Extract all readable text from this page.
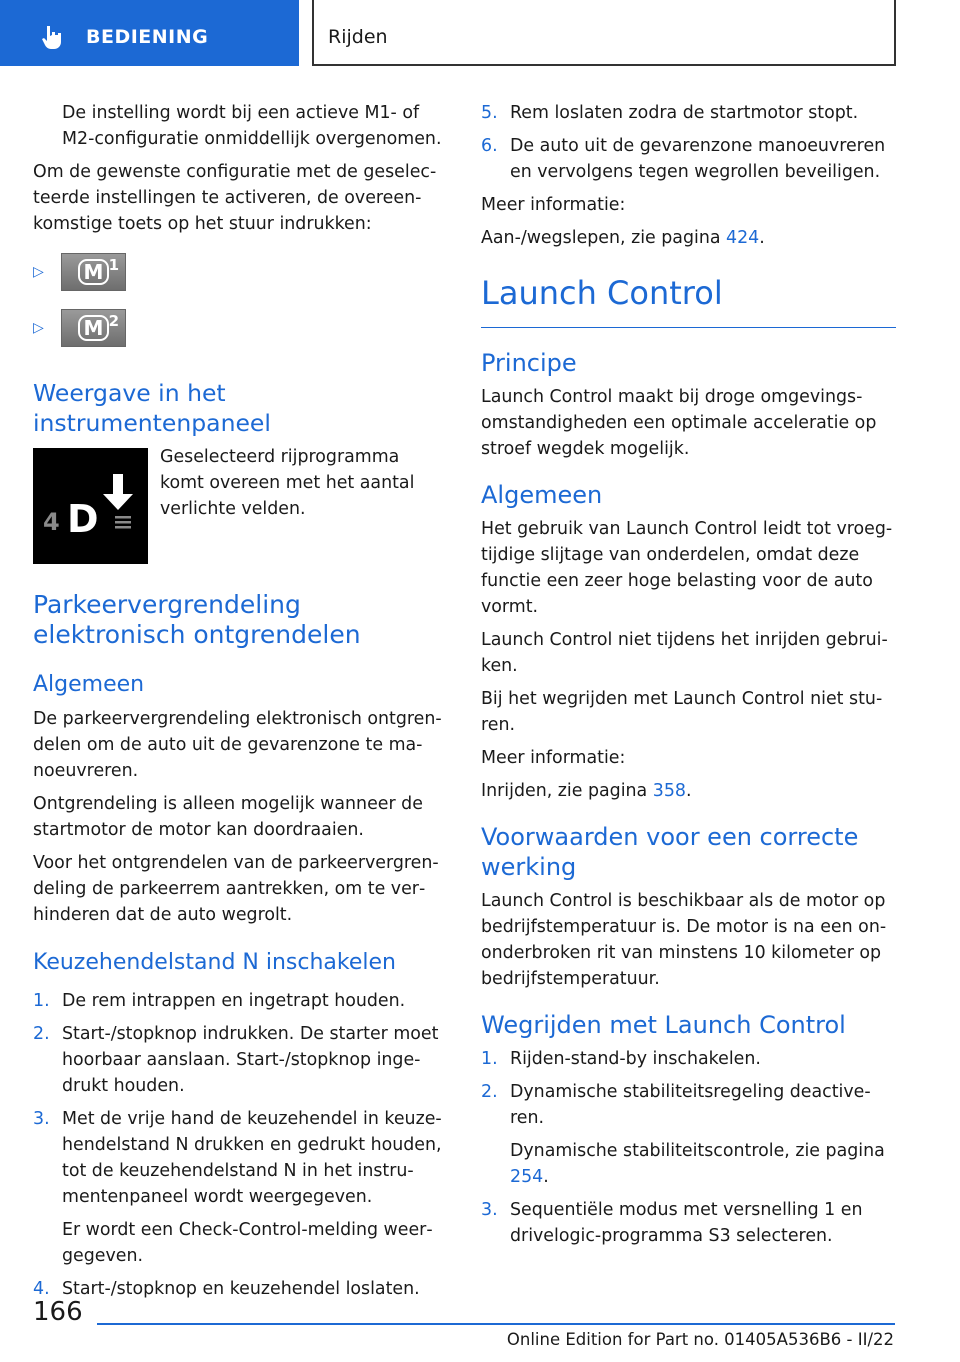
BEDIENING	Rijden

De instelling wordt bij een actieve M1- of M2-configuratie onmiddellijk overgenomen.

Om de gewenste configuratie met de geselecteerde instellingen te activeren, de overeenkomstige toets op het stuur indrukken:

▷	M 1
▷	M 2
Weergave in het instrumentenpaneel
4 D

Geselecteerd rijprogramma komt overeen met het aantal verlichte velden.

Parkeervergrendeling elektronisch ontgrendelen
Algemeen

De parkeervergrendeling elektronisch ontgrendelen om de auto uit de gevarenzone te manoeuvreren.

Ontgrendeling is alleen mogelijk wanneer de startmotor de motor kan doordraaien.

Voor het ontgrendelen van de parkeervergrendeling de parkeerrem aantrekken, om te verhinderen dat de auto wegrolt.

Keuzehendelstand N inschakelen
1. De rem intrappen en ingetrapt houden.

2. Start-/stopknop indrukken. De starter moet hoorbaar aanslaan. Start-/stopknop ingedrukt houden.

3. Met de vrije hand de keuzehendel in keuzehendelstand N drukken en gedrukt houden, tot de keuzehendelstand N in het instrumentenpaneel wordt weergegeven.

Er wordt een Check-Control-melding weergegeven.

4. Start-/stopknop en keuzehendel loslaten.

5. Rem loslaten zodra de startmotor stopt.

6. De auto uit de gevarenzone manoeuvreren en vervolgens tegen wegrollen beveiligen.

Meer informatie:

Aan-/wegslepen, zie pagina 424.

Launch Control
Principe

Launch Control maakt bij droge omgevingsomstandigheden een optimale acceleratie op stroef wegdek mogelijk.

Algemeen

Het gebruik van Launch Control leidt tot vroegtijdige slijtage van onderdelen, omdat deze functie een zeer hoge belasting voor de auto vormt.

Launch Control niet tijdens het inrijden gebruiken.

Bij het wegrijden met Launch Control niet sturen.

Meer informatie:

Inrijden, zie pagina 358.

Voorwaarden voor een correcte werking

Launch Control is beschikbaar als de motor op bedrijfstemperatuur is. De motor is na een ononderbroken rit van minstens 10 kilometer op bedrijfstemperatuur.

Wegrijden met Launch Control
1. Rijden-stand-by inschakelen.

2. Dynamische stabiliteitsregeling deactiveren.

Dynamische stabiliteitscontrole, zie pagina 254.

3. Sequentiële modus met versnelling 1 en drivelogic-programma S3 selecteren.

166
Online Edition for Part no. 01405A536B6 - II/22
